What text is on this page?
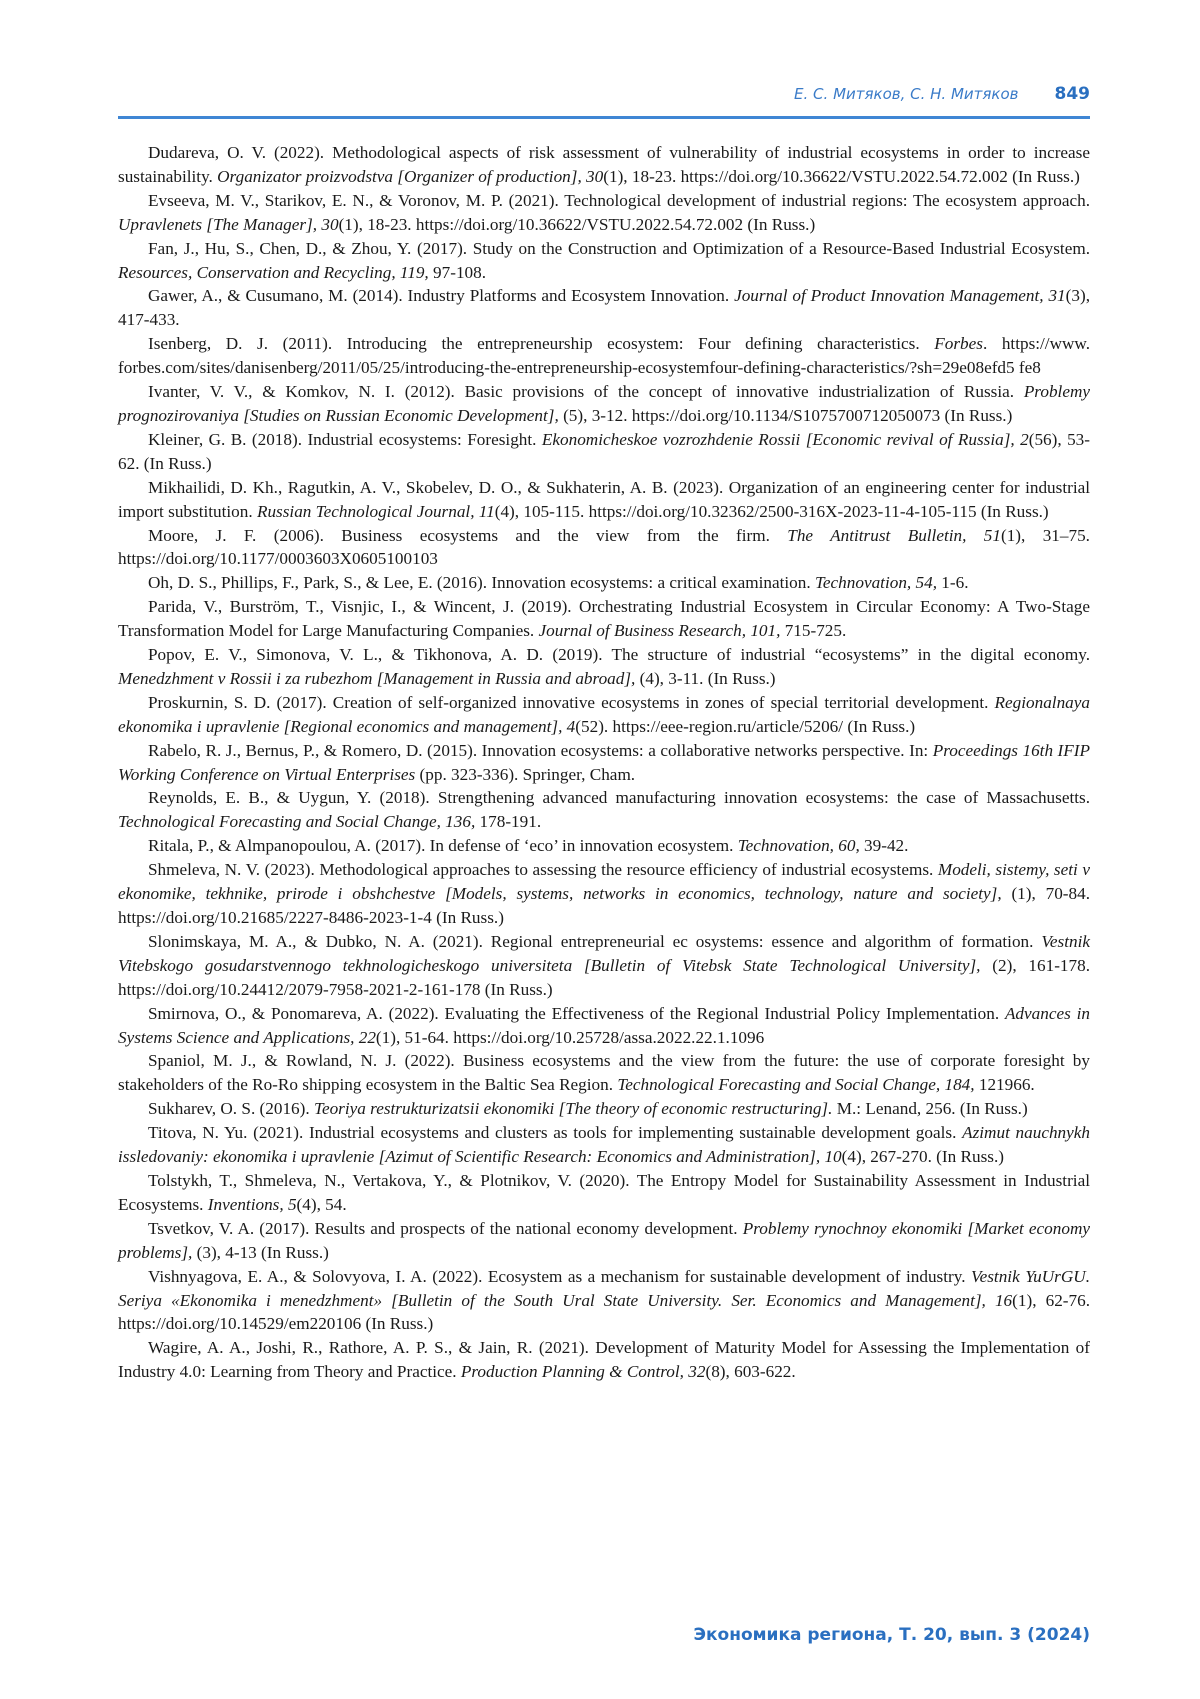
Е. С. Митяков, С. Н. Митяков 849

Dudareva, O. V. (2022). Methodological aspects of risk assessment of vulnerability of industrial ecosystems in order to increase sustainability. Organizator proizvodstva [Organizer of production], 30(1), 18-23. https://doi.org/10.36622/VSTU.2022.54.72.002 (In Russ.)

Evseeva, M. V., Starikov, E. N., & Voronov, M. P. (2021). Technological development of industrial regions: The ecosystem approach. Upravlenets [The Manager], 30(1), 18-23. https://doi.org/10.36622/VSTU.2022.54.72.002 (In Russ.)

Fan, J., Hu, S., Chen, D., & Zhou, Y. (2017). Study on the Construction and Optimization of a Resource-Based Industrial Ecosystem. Resources, Conservation and Recycling, 119, 97-108.

Gawer, A., & Cusumano, M. (2014). Industry Platforms and Ecosystem Innovation. Journal of Product Innovation Management, 31(3), 417-433.

Isenberg, D. J. (2011). Introducing the entrepreneurship ecosystem: Four defining characteristics. Forbes. https://www. forbes.com/sites/danisenberg/2011/05/25/introducing-the-entrepreneurship-ecosystemfour-defining-characteristics/?sh=29e08efd5 fe8

Ivanter, V. V., & Komkov, N. I. (2012). Basic provisions of the concept of innovative industrialization of Russia. Problemy prognozirovaniya [Studies on Russian Economic Development], (5), 3-12. https://doi.org/10.1134/S1075700712050073 (In Russ.)

Kleiner, G. B. (2018). Industrial ecosystems: Foresight. Ekonomicheskoe vozrozhdenie Rossii [Economic revival of Russia], 2(56), 53-62. (In Russ.)

Mikhailidi, D. Kh., Ragutkin, A. V., Skobelev, D. O., & Sukhaterin, A. B. (2023). Organization of an engineering center for industrial import substitution. Russian Technological Journal, 11(4), 105-115. https://doi.org/10.32362/2500-316X-2023-11-4-105-115 (In Russ.)

Moore, J. F. (2006). Business ecosystems and the view from the firm. The Antitrust Bulletin, 51(1), 31–75. https://doi.org/10.1177/0003603X0605100103

Oh, D. S., Phillips, F., Park, S., & Lee, E. (2016). Innovation ecosystems: a critical examination. Technovation, 54, 1-6.

Parida, V., Burström, T., Visnjic, I., & Wincent, J. (2019). Orchestrating Industrial Ecosystem in Circular Economy: A Two-Stage Transformation Model for Large Manufacturing Companies. Journal of Business Research, 101, 715-725.

Popov, E. V., Simonova, V. L., & Tikhonova, A. D. (2019). The structure of industrial “ecosystems” in the digital economy. Menedzhment v Rossii i za rubezhom [Management in Russia and abroad], (4), 3-11. (In Russ.)

Proskurnin, S. D. (2017). Creation of self-organized innovative ecosystems in zones of special territorial development. Regionalnaya ekonomika i upravlenie [Regional economics and management], 4(52). https://eee-region.ru/article/5206/ (In Russ.)

Rabelo, R. J., Bernus, P., & Romero, D. (2015). Innovation ecosystems: a collaborative networks perspective. In: Proceedings 16th IFIP Working Conference on Virtual Enterprises (pp. 323-336). Springer, Cham.

Reynolds, E. B., & Uygun, Y. (2018). Strengthening advanced manufacturing innovation ecosystems: the case of Massachusetts. Technological Forecasting and Social Change, 136, 178-191.

Ritala, P., & Almpanopoulou, A. (2017). In defense of ‘eco’ in innovation ecosystem. Technovation, 60, 39-42.

Shmeleva, N. V. (2023). Methodological approaches to assessing the resource efficiency of industrial ecosystems. Modeli, sistemy, seti v ekonomike, tekhnike, prirode i obshchestve [Models, systems, networks in economics, technology, nature and society], (1), 70-84. https://doi.org/10.21685/2227-8486-2023-1-4 (In Russ.)

Slonimskaya, M. A., & Dubko, N. A. (2021). Regional entrepreneurial ec osystems: essence and algorithm of formation. Vestnik Vitebskogo gosudarstvennogo tekhnologicheskogo universiteta [Bulletin of Vitebsk State Technological University], (2), 161-178. https://doi.org/10.24412/2079-7958-2021-2-161-178 (In Russ.)

Smirnova, O., & Ponomareva, A. (2022). Evaluating the Effectiveness of the Regional Industrial Policy Implementation. Advances in Systems Science and Applications, 22(1), 51-64. https://doi.org/10.25728/assa.2022.22.1.1096

Spaniol, M. J., & Rowland, N. J. (2022). Business ecosystems and the view from the future: the use of corporate foresight by stakeholders of the Ro-Ro shipping ecosystem in the Baltic Sea Region. Technological Forecasting and Social Change, 184, 121966.

Sukharev, O. S. (2016). Teoriya restrukturizatsii ekonomiki [The theory of economic restructuring]. M.: Lenand, 256. (In Russ.)

Titova, N. Yu. (2021). Industrial ecosystems and clusters as tools for implementing sustainable development goals. Azimut nauchnykh issledovaniy: ekonomika i upravlenie [Azimut of Scientific Research: Economics and Administration], 10(4), 267-270. (In Russ.)

Tolstykh, T., Shmeleva, N., Vertakova, Y., & Plotnikov, V. (2020). The Entropy Model for Sustainability Assessment in Industrial Ecosystems. Inventions, 5(4), 54.

Tsvetkov, V. A. (2017). Results and prospects of the national economy development. Problemy rynochnoy ekonomiki [Market economy problems], (3), 4-13 (In Russ.)

Vishnyagova, E. A., & Solovyova, I. A. (2022). Ecosystem as a mechanism for sustainable development of industry. Vestnik YuUrGU. Seriya «Ekonomika i menedzhment» [Bulletin of the South Ural State University. Ser. Economics and Management], 16(1), 62-76. https://doi.org/10.14529/em220106 (In Russ.)

Wagire, A. A., Joshi, R., Rathore, A. P. S., & Jain, R. (2021). Development of Maturity Model for Assessing the Implementation of Industry 4.0: Learning from Theory and Practice. Production Planning & Control, 32(8), 603-622.

Экономика региона, Т. 20, вып. 3 (2024)
